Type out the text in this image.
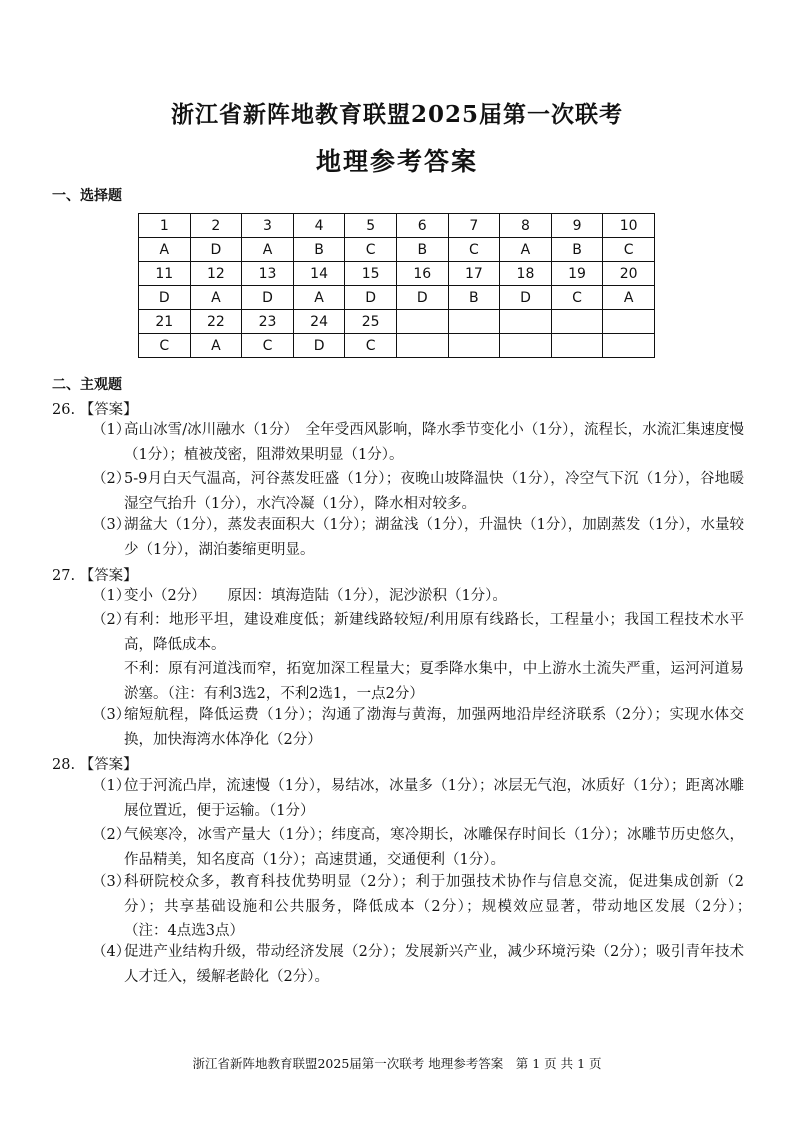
浙江省新阵地教育联盟2025届第一次联考
地理参考答案
一、选择题
1	2	3	4	5	6	7	8	9	10
A	D	A	B	C	B	C	A	B	C
11	12	13	14	15	16	17	18	19	20
D	A	D	A	D	D	B	D	C	A
21	22	23	24	25					
C	A	C	D	C					
二、主观题
26. 【答案】
（1）
高山冰雪/冰川融水（1分）　全年受西风影响，降水季节变化小（1分），流程长，水流汇集速度慢（1分）；植被茂密，阻滞效果明显（1分）。
（2）
5-9月白天气温高，河谷蒸发旺盛（1分）；夜晚山坡降温快（1分），冷空气下沉（1分），谷地暖湿空气抬升（1分），水汽冷凝（1分），降水相对较多。
（3）
湖盆大（1分），蒸发表面积大（1分）；湖盆浅（1分），升温快（1分），加剧蒸发（1分），水量较少（1分），湖泊萎缩更明显。
27. 【答案】
（1）
变小（2分）　　原因：填海造陆（1分），泥沙淤积（1分）。
（2）

有利：地形平坦，建设难度低；新建线路较短/利用原有线路长，工程量小；我国工程技术水平高，降低成本。

不利：原有河道浅而窄，拓宽加深工程量大；夏季降水集中，中上游水土流失严重，运河河道易淤塞。（注：有利3选2，不利2选1，一点2分）

（3）
缩短航程，降低运费（1分）；沟通了渤海与黄海，加强两地沿岸经济联系（2分）；实现水体交换，加快海湾水体净化（2分）
28. 【答案】
（1）
位于河流凸岸，流速慢（1分），易结冰，冰量多（1分）；冰层无气泡，冰质好（1分）；距离冰雕展位置近，便于运输。（1分）
（2）
气候寒冷，冰雪产量大（1分）；纬度高，寒冷期长，冰雕保存时间长（1分）；冰雕节历史悠久，作品精美，知名度高（1分）；高速贯通，交通便利（1分）。
（3）
科研院校众多，教育科技优势明显（2分）；利于加强技术协作与信息交流，促进集成创新（2分）；共享基础设施和公共服务，降低成本（2分）；规模效应显著，带动地区发展（2分）；　（注：4点选3点）
（4）
促进产业结构升级，带动经济发展（2分）；发展新兴产业，减少环境污染（2分）；吸引青年技术人才迁入，缓解老龄化（2分）。
浙江省新阵地教育联盟2025届第一次联考 地理参考答案　第 1 页 共 1 页
